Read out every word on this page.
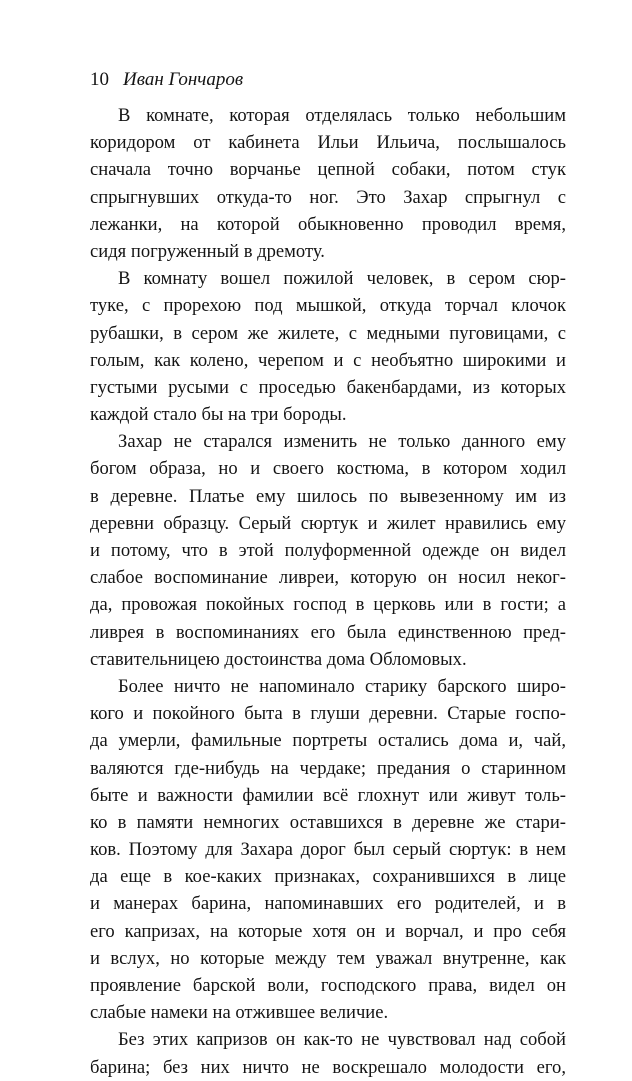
10 Иван Гончаров
В комнате, которая отделялась только небольшим
коридором от кабинета Ильи Ильича, послышалось
сначала точно ворчанье цепной собаки, потом стук
спрыгнувших откуда-то ног. Это Захар спрыгнул с
лежанки, на которой обыкновенно проводил время,
сидя погруженный в дремоту.
В комнату вошел пожилой человек, в сером сюр-
туке, с прорехою под мышкой, откуда торчал клочок
рубашки, в сером же жилете, с медными пуговицами, с
голым, как колено, черепом и с необъятно широкими и
густыми русыми с проседью бакенбардами, из которых
каждой стало бы на три бороды.
Захар не старался изменить не только данного ему
богом образа, но и своего костюма, в котором ходил
в деревне. Платье ему шилось по вывезенному им из
деревни образцу. Серый сюртук и жилет нравились ему
и потому, что в этой полуформенной одежде он видел
слабое воспоминание ливреи, которую он носил неког-
да, провожая покойных господ в церковь или в гости; а
ливрея в воспоминаниях его была единственною пред-
ставительницею достоинства дома Обломовых.
Более ничто не напоминало старику барского широ-
кого и покойного быта в глуши деревни. Старые госпо-
да умерли, фамильные портреты остались дома и, чай,
валяются где-нибудь на чердаке; предания о старинном
быте и важности фамилии всё глохнут или живут толь-
ко в памяти немногих оставшихся в деревне же стари-
ков. Поэтому для Захара дорог был серый сюртук: в нем
да еще в кое-каких признаках, сохранившихся в лице
и манерах барина, напоминавших его родителей, и в
его капризах, на которые хотя он и ворчал, и про себя
и вслух, но которые между тем уважал внутренне, как
проявление барской воли, господского права, видел он
слабые намеки на отжившее величие.
Без этих капризов он как-то не чувствовал над собой
барина; без них ничто не воскрешало молодости его,
